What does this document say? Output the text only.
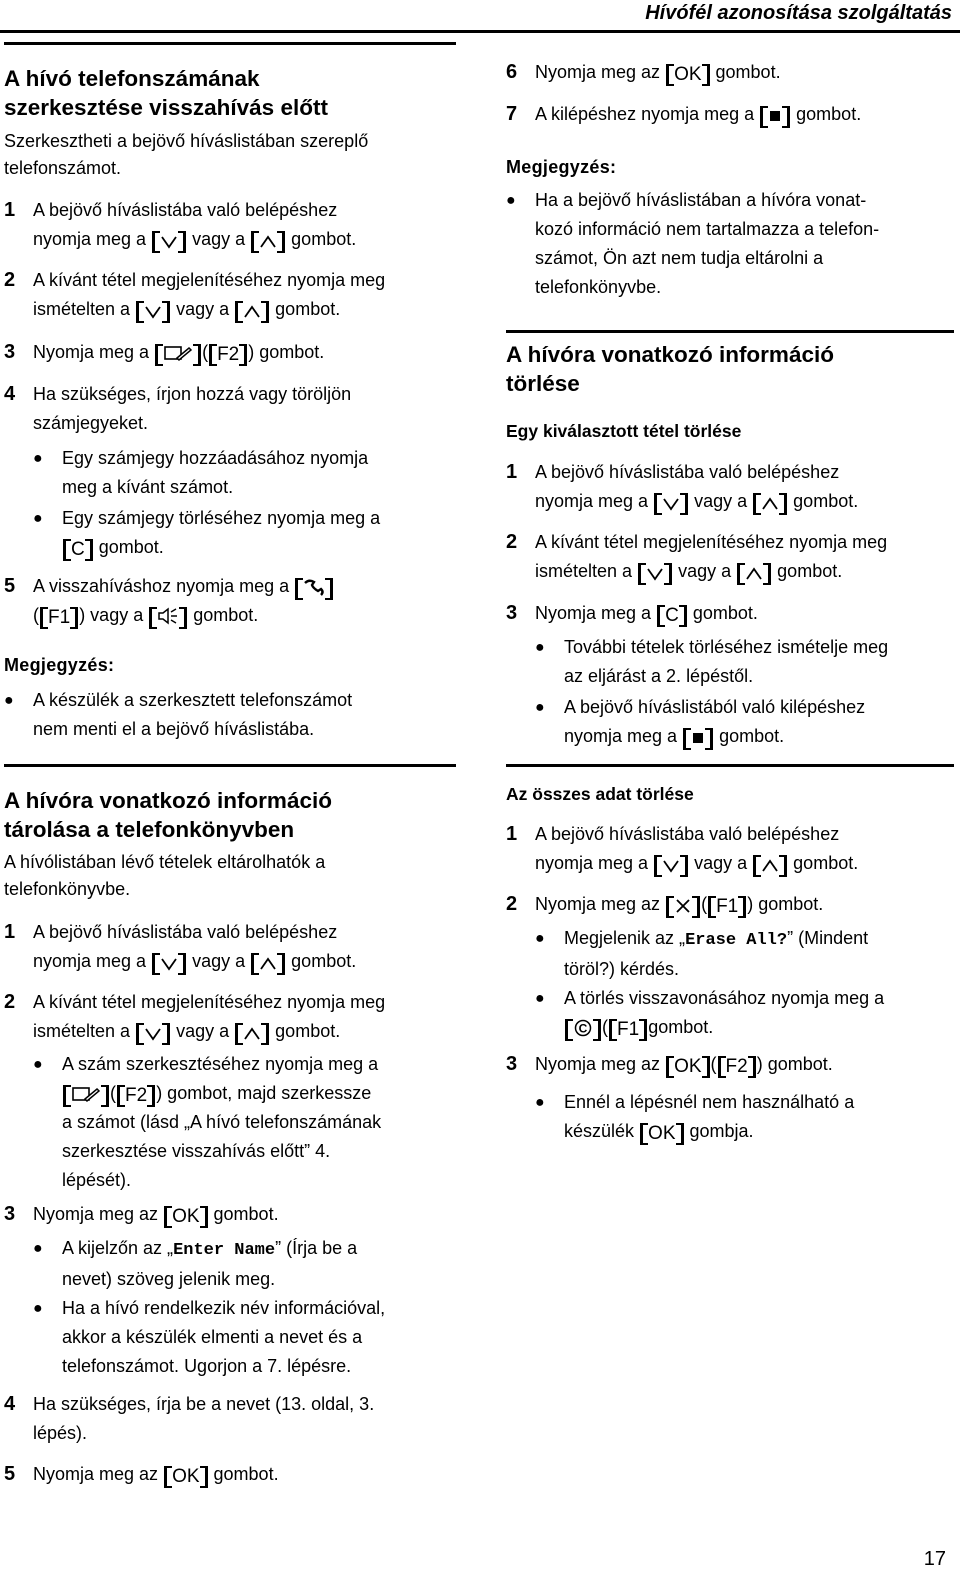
Hívófél azonosítása szolgáltatás
A hívó telefonszámának
szerkesztése visszahívás előtt
Szerkesztheti a bejövő híváslistában szereplő
telefonszámot.
1 A bejövő híváslistába való belépéshez
nyomja meg a	vagy a	gombot.
2 A kívánt tétel megjelenítéséhez nyomja meg
ismételten a	vagy a	gombot.
3 Nyomja meg a	( F2 ) gombot.
4 Ha szükséges, írjon hozzá vagy töröljön
számjegyeket.
● Egy számjegy hozzáadásához nyomja
meg a kívánt számot.
● Egy számjegy törléséhez nyomja meg a
C gombot.
5 A visszahíváshoz nyomja meg a
( F1 ) vagy a	gombot.
Megjegyzés:
● A készülék a szerkesztett telefonszámot
nem menti el a bejövő híváslistába.
A hívóra vonatkozó információ
tárolása a telefonkönyvben
A hívólistában lévő tételek eltárolhatók a
telefonkönyvbe.
1 A bejövő híváslistába való belépéshez
nyomja meg a	vagy a	gombot.
2 A kívánt tétel megjelenítéséhez nyomja meg
ismételten a	vagy a	gombot.
● A szám szerkesztéséhez nyomja meg a
( F2 ) gombot, majd szerkessze
a számot (lásd „A hívó telefonszámának
szerkesztése visszahívás előtt” 4.
lépését).
3 Nyomja meg az OK gombot.
● A kijelzőn az „Enter Name” (Írja be a
nevet) szöveg jelenik meg.
● Ha a hívó rendelkezik név információval,
akkor a készülék elmenti a nevet és a
telefonszámot. Ugorjon a 7. lépésre.
4 Ha szükséges, írja be a nevet (13. oldal, 3.
lépés).
5 Nyomja meg az OK gombot.
6 Nyomja meg az OK gombot.
7 A kilépéshez nyomja meg a gombot.
Megjegyzés:
● Ha a bejövő híváslistában a hívóra vonat-
kozó információ nem tartalmazza a telefon-
számot, Ön azt nem tudja eltárolni a
telefonkönyvbe.
A hívóra vonatkozó információ
törlése
Egy kiválasztott tétel törlése
1 A bejövő híváslistába való belépéshez
nyomja meg a	vagy a	gombot.
2 A kívánt tétel megjelenítéséhez nyomja meg
ismételten a	vagy a	gombot.
3 Nyomja meg a C gombot.
● További tételek törléséhez ismételje meg
az eljárást a 2. lépéstől.
● A bejövő híváslistából való kilépéshez
nyomja meg a gombot.
Az összes adat törlése
1 A bejövő híváslistába való belépéshez
nyomja meg a	vagy a	gombot.
2 Nyomja meg az ( F1 ) gombot.
● Megjelenik az „Erase All?” (Mindent
töröl?) kérdés.
● A törlés visszavonásához nyomja meg a
C ( F1 gombot.
3 Nyomja meg az OK ( F2 ) gombot.
● Ennél a lépésnél nem használható a
készülék OK gombja.
17
